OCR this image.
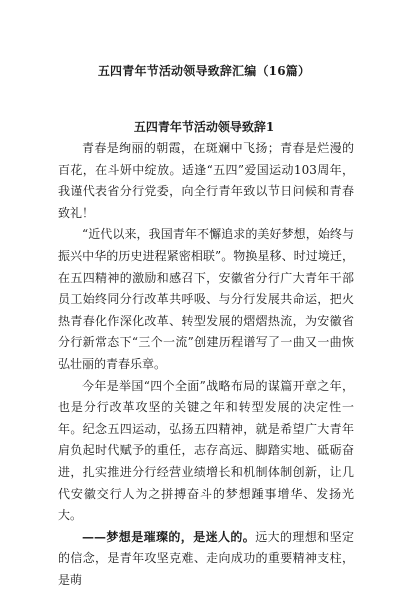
五四青年节活动领导致辞汇编（16篇）
五四青年节活动领导致辞1

青春是绚丽的朝霞，在斑斓中飞扬；青春是烂漫的百花，在斗妍中绽放。适逢“五四”爱国运动103周年，我谨代表省分行党委，向全行青年致以节日问候和青春致礼！

“近代以来，我国青年不懈追求的美好梦想，始终与振兴中华的历史进程紧密相联”。物换星移、时过境迁，在五四精神的激励和感召下，安徽省分行广大青年干部员工始终同分行改革共呼吸、与分行发展共命运，把火热青春化作深化改革、转型发展的熠熠热流，为安徽省分行新常态下“三个一流”创建历程谱写了一曲又一曲恢弘壮丽的青春乐章。

今年是举国“四个全面”战略布局的谋篇开章之年，也是分行改革攻坚的关键之年和转型发展的决定性一年。纪念五四运动，弘扬五四精神，就是希望广大青年肩负起时代赋予的重任，志存高远、脚踏实地、砥砺奋进，扎实推进分行经营业绩增长和机制体制创新，让几代安徽交行人为之拼搏奋斗的梦想踵事增华、发扬光大。

——梦想是璀璨的，是迷人的。远大的理想和坚定的信念，是青年攻坚克难、走向成功的重要精神支柱，是萌
